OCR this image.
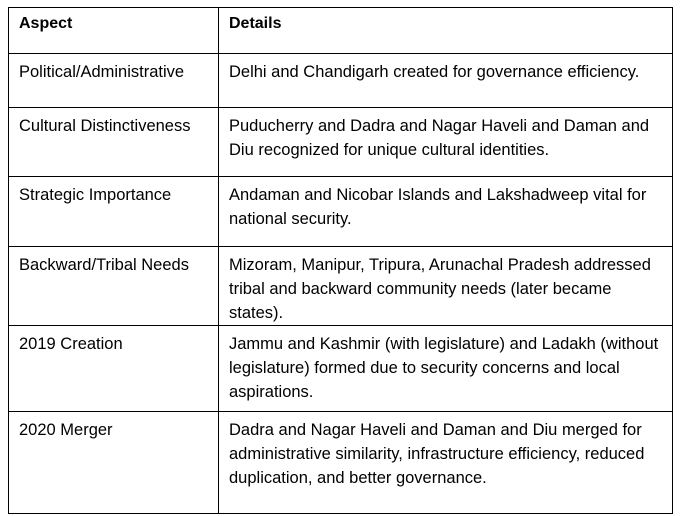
Aspect	Details
Political/Administrative	Delhi and Chandigarh created for governance efficiency.
Cultural Distinctiveness	Puducherry and Dadra and Nagar Haveli and Daman and Diu recognized for unique cultural identities.
Strategic Importance	Andaman and Nicobar Islands and Lakshadweep vital for national security.
Backward/Tribal Needs	Mizoram, Manipur, Tripura, Arunachal Pradesh addressed tribal and backward community needs (later became states).
2019 Creation	Jammu and Kashmir (with legislature) and Ladakh (without legislature) formed due to security concerns and local aspirations.
2020 Merger	Dadra and Nagar Haveli and Daman and Diu merged for administrative similarity, infrastructure efficiency, reduced duplication, and better governance.
